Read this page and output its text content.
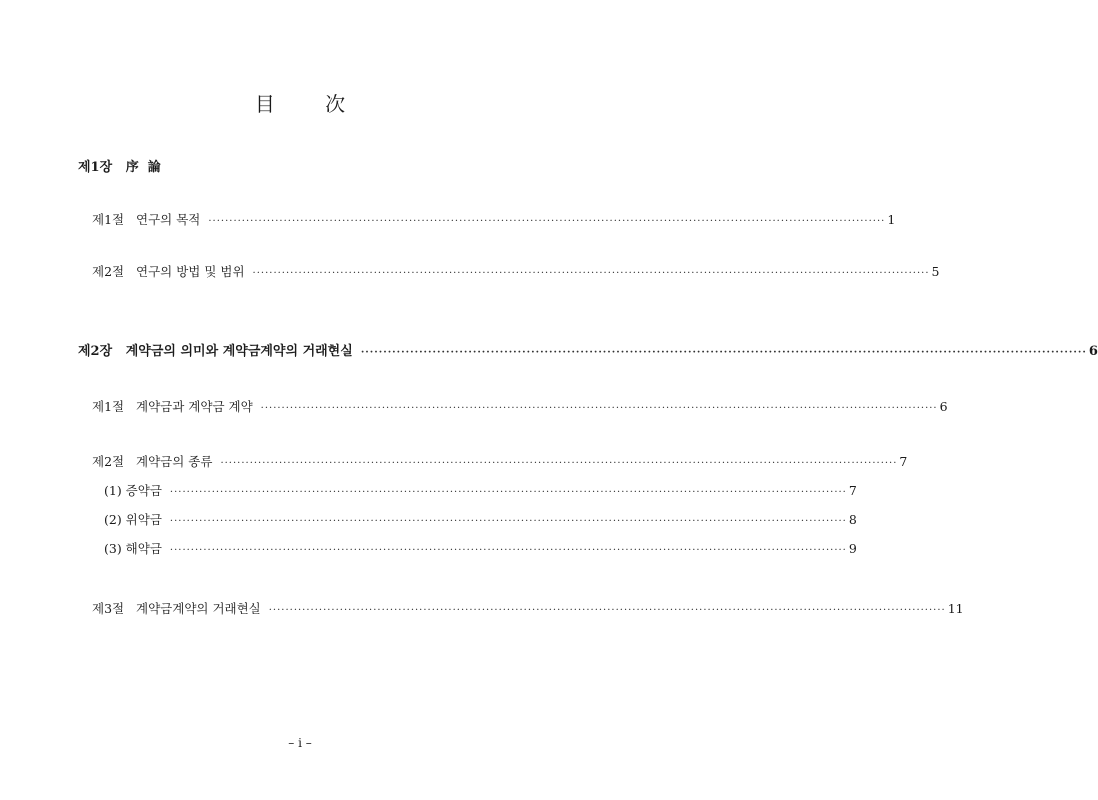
目 次
제1장   序  論
제1절   연구의 목적 ·································································································································································· 1
제2절   연구의 방법 및 범위 ·································································································································································· 5
제2장   계약금의 의미와 계약금계약의 거래현실 ·································································································································································· 6
제1절   계약금과 계약금 계약 ·································································································································································· 6
제2절   계약금의 종류 ·································································································································································· 7
(1) 증약금 ·································································································································································· 7
(2) 위약금 ·································································································································································· 8
(3) 해약금 ·································································································································································· 9
제3절   계약금계약의 거래현실 ·································································································································································· 11
– i –
